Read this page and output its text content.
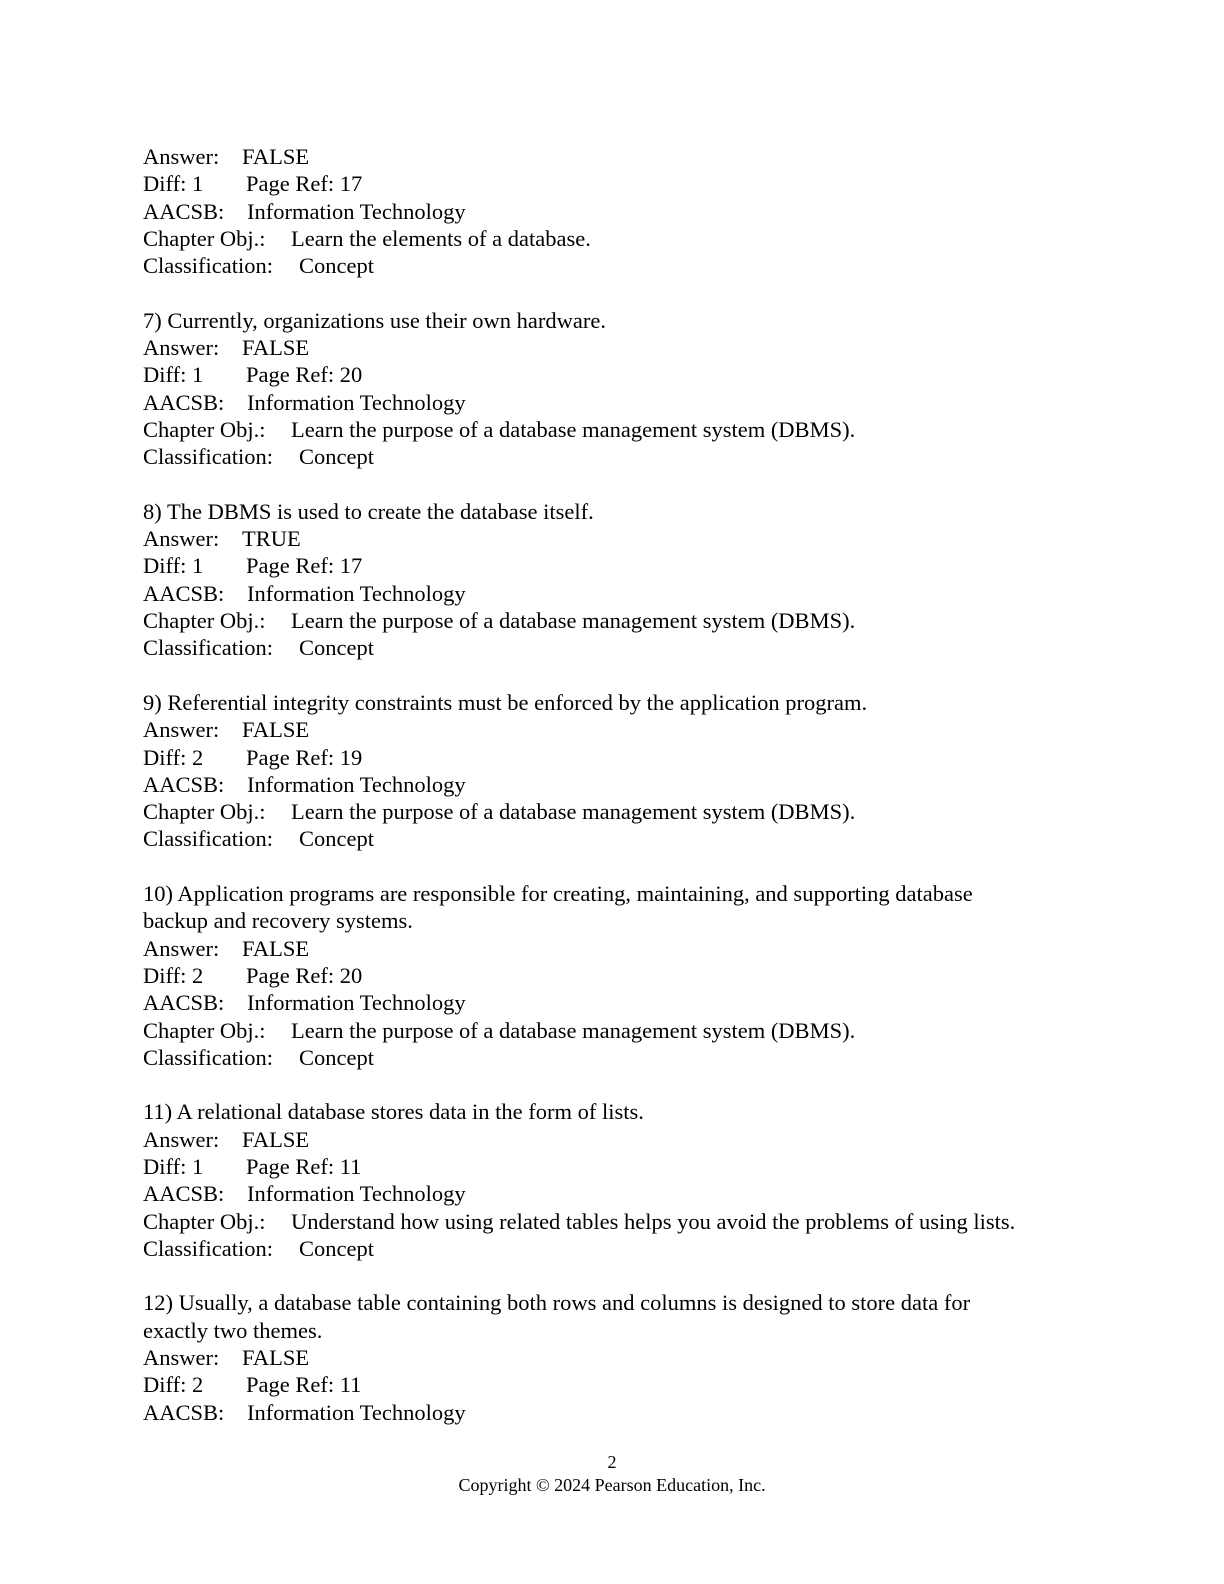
Answer: FALSE
Diff: 1 Page Ref: 17
AACSB: Information Technology
Chapter Obj.: Learn the elements of a database.
Classification: Concept
7) Currently, organizations use their own hardware.
Answer: FALSE
Diff: 1 Page Ref: 20
AACSB: Information Technology
Chapter Obj.: Learn the purpose of a database management system (DBMS).
Classification: Concept
8) The DBMS is used to create the database itself.
Answer: TRUE
Diff: 1 Page Ref: 17
AACSB: Information Technology
Chapter Obj.: Learn the purpose of a database management system (DBMS).
Classification: Concept
9) Referential integrity constraints must be enforced by the application program.
Answer: FALSE
Diff: 2 Page Ref: 19
AACSB: Information Technology
Chapter Obj.: Learn the purpose of a database management system (DBMS).
Classification: Concept
10) Application programs are responsible for creating, maintaining, and supporting database
backup and recovery systems.
Answer: FALSE
Diff: 2 Page Ref: 20
AACSB: Information Technology
Chapter Obj.: Learn the purpose of a database management system (DBMS).
Classification: Concept
11) A relational database stores data in the form of lists.
Answer: FALSE
Diff: 1 Page Ref: 11
AACSB: Information Technology
Chapter Obj.: Understand how using related tables helps you avoid the problems of using lists.
Classification: Concept
12) Usually, a database table containing both rows and columns is designed to store data for
exactly two themes.
Answer: FALSE
Diff: 2 Page Ref: 11
AACSB: Information Technology
2
Copyright © 2024 Pearson Education, Inc.
